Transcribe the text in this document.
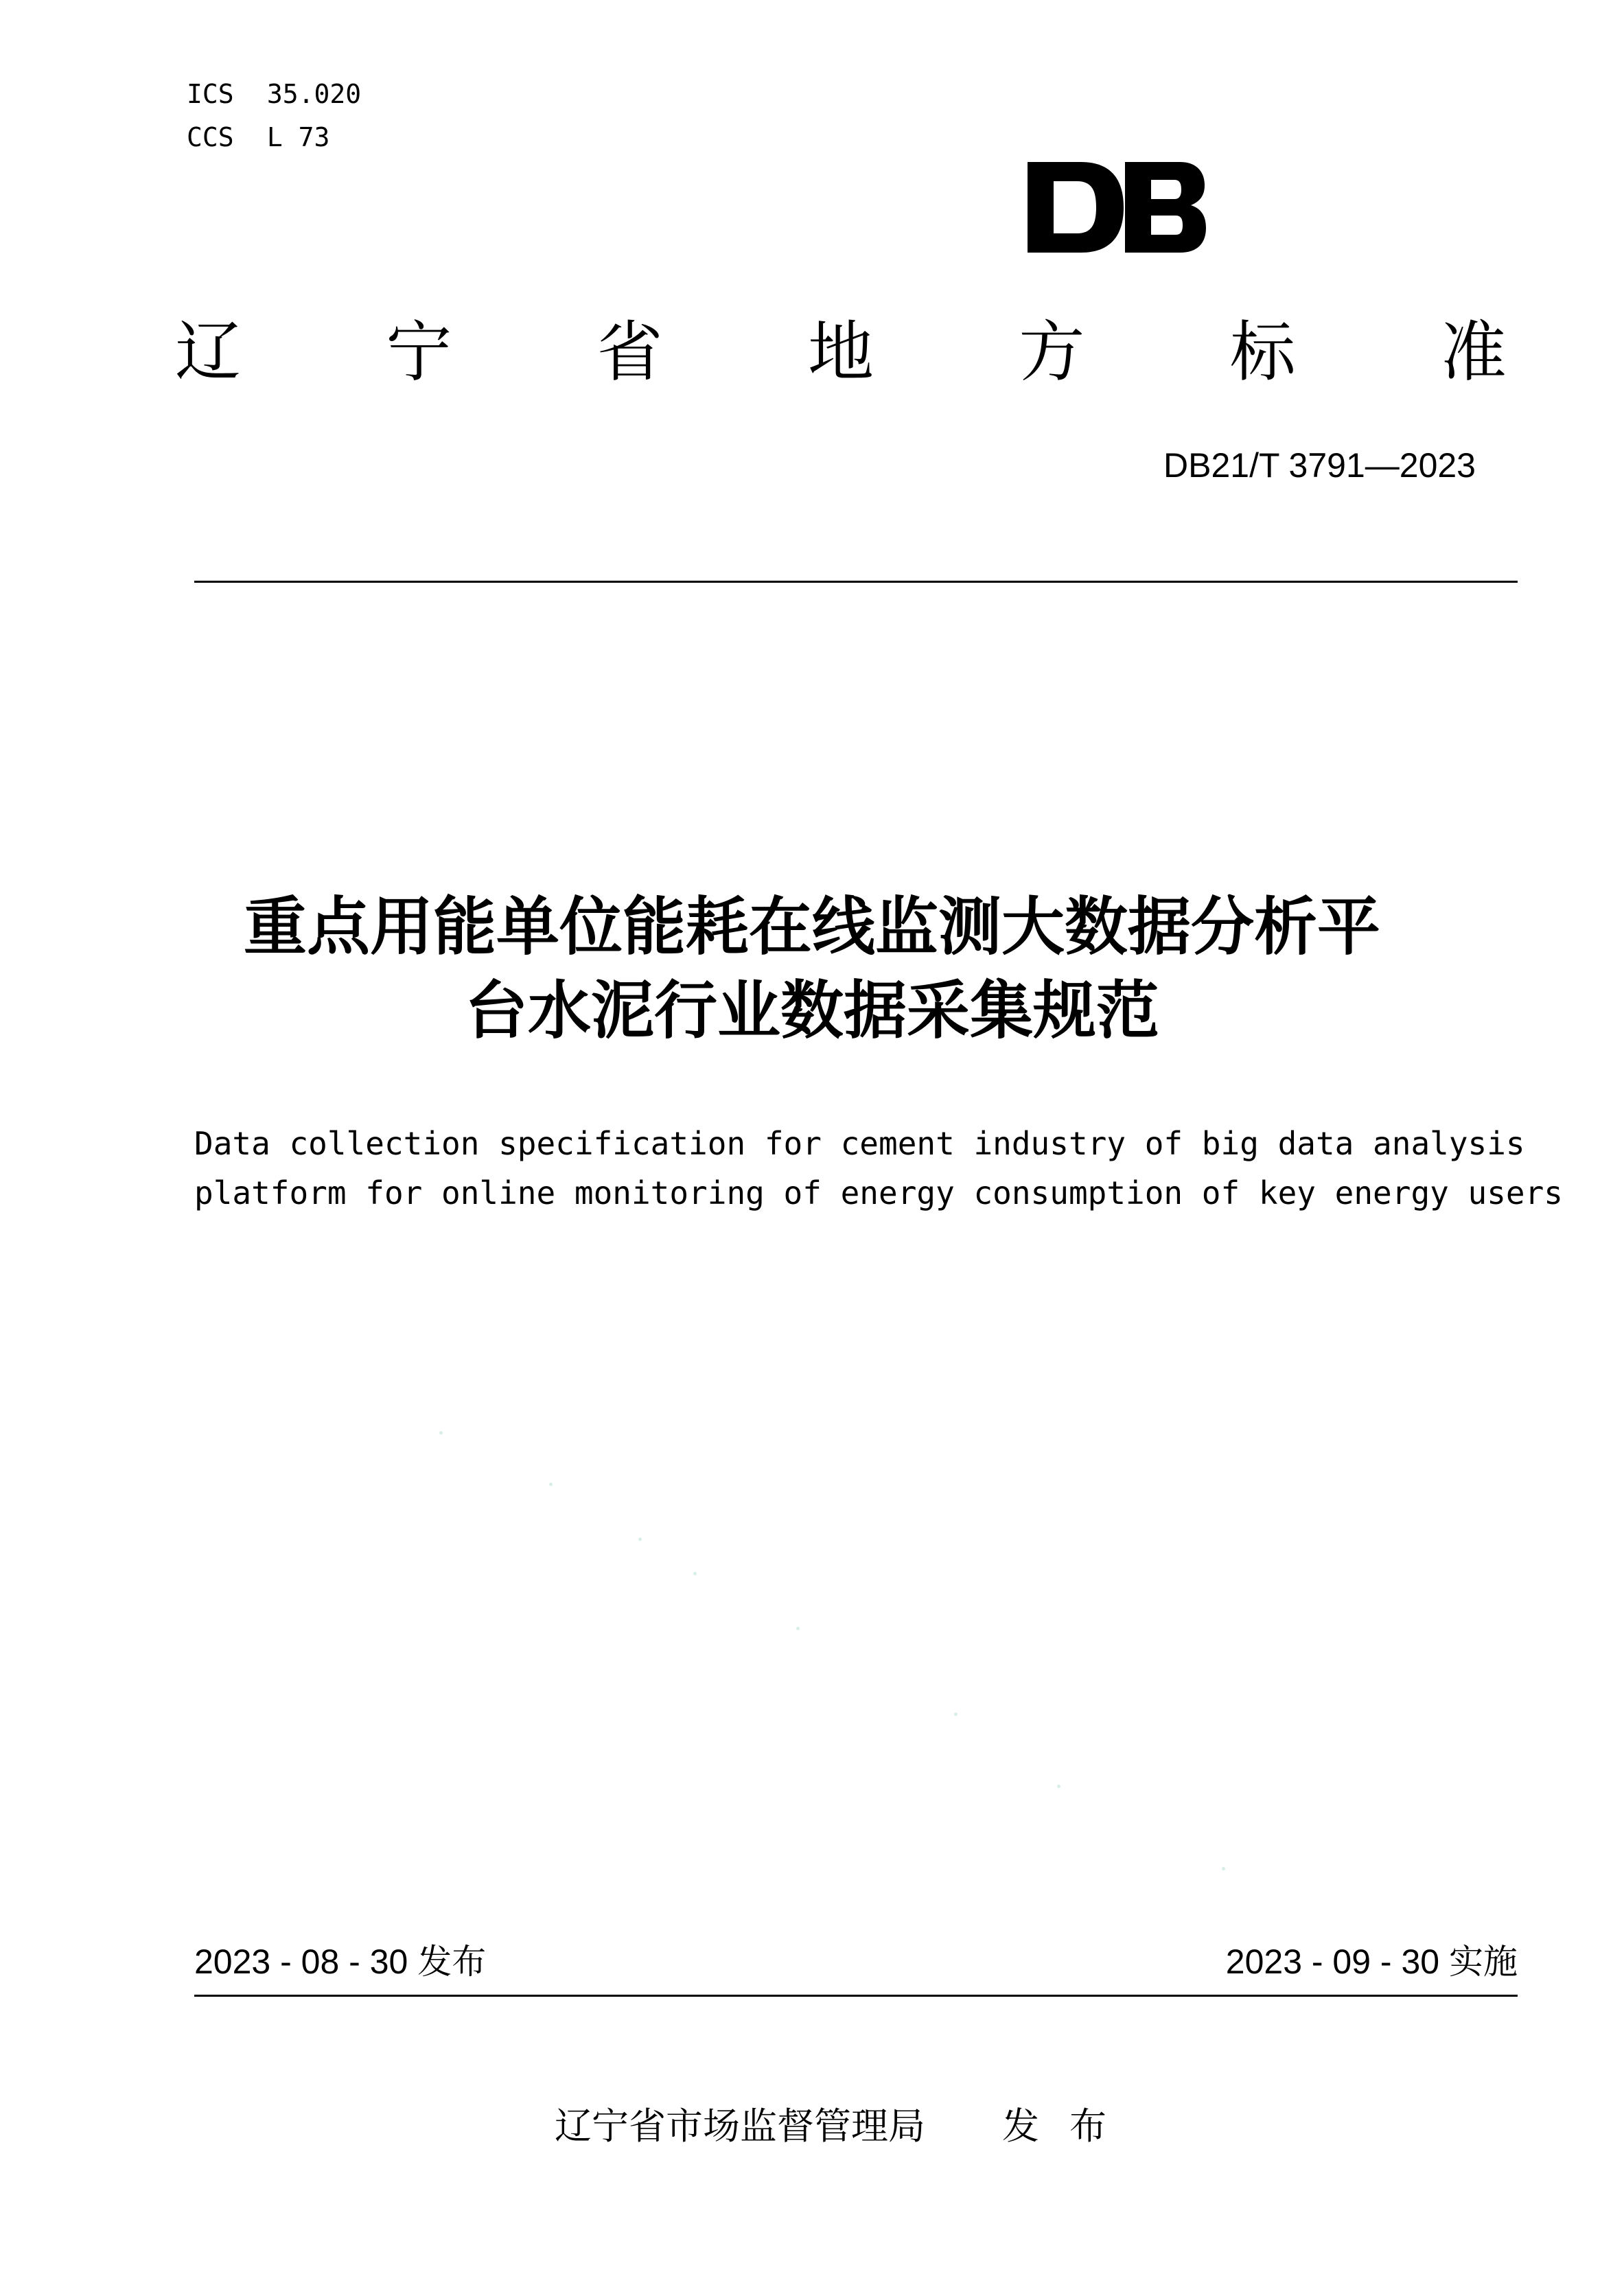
ICS 35.020
CCS L 73
辽 宁 省 地 方 标 准
DB21/T 3791—2023
重点用能单位能耗在线监测大数据分析平
台水泥行业数据采集规范
Data collection specification for cement industry of big data analysis
platform for online monitoring of energy consumption of key energy users
2023 - 08 - 30 发布	2023 - 09 - 30 实施
辽宁省市场监督管理局 发布
